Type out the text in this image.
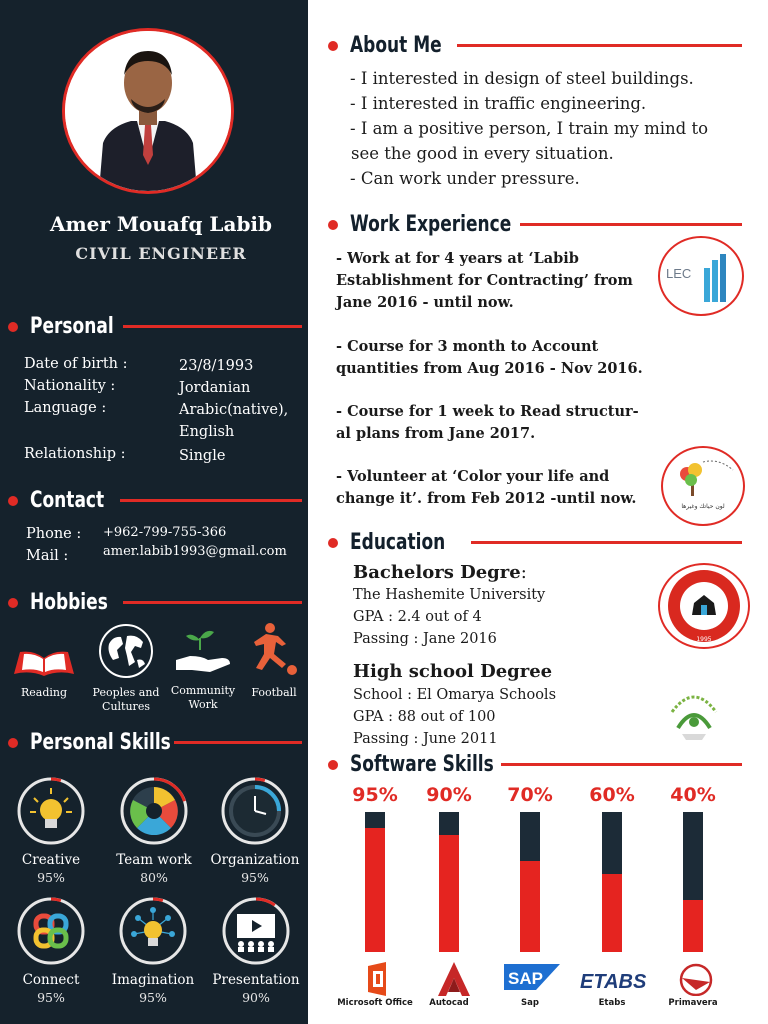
Amer Mouafq Labib
CIVIL ENGINEER
Personal
Date of birth :	23/8/1993
Nationality :	Jordanian
Language :	Arabic(native),
English
Relationship :	Single
Contact
Phone : +962-799-755-366
Mail :	amer.labib1993@gmail.com
Hobbies
Reading	Peoples and Cultures
Community Work
Football
Personal Skills
Creative
95%
Team work
80%
Organization
95%
Connect
95%
Imagination
95%
Presentation
90%
About Me

- I interested in design of steel buildings.

- I interested in traffic engineering.

- I am a positive person, I train my mind to

see the good in every situation.

- Can work under pressure.

Work Experience
- Work at for 4 years at ‘Labib
Establishment for Contracting’ from
Jane 2016 - until now.
- Course for 3 month to Account
quantities from Aug 2016 - Nov 2016.
- Course for 1 week to Read structur-
al plans from Jane 2017.
- Volunteer at ‘Color your life and
change it’. from Feb 2012 -until now.
LEC
لون حياتك وغيرها
Education
Bachelors Degre:
The Hashemite University
GPA : 2.4 out of 4
Passing : Jane 2016
High school Degree
School : El Omarya Schools
GPA : 88 out of 100
Passing : June 2011
1995
Software Skills
95%
Microsoft Office
90%
Autocad
70%
Sap
60%
Etabs
40%
Primavera
SAP ETABS
